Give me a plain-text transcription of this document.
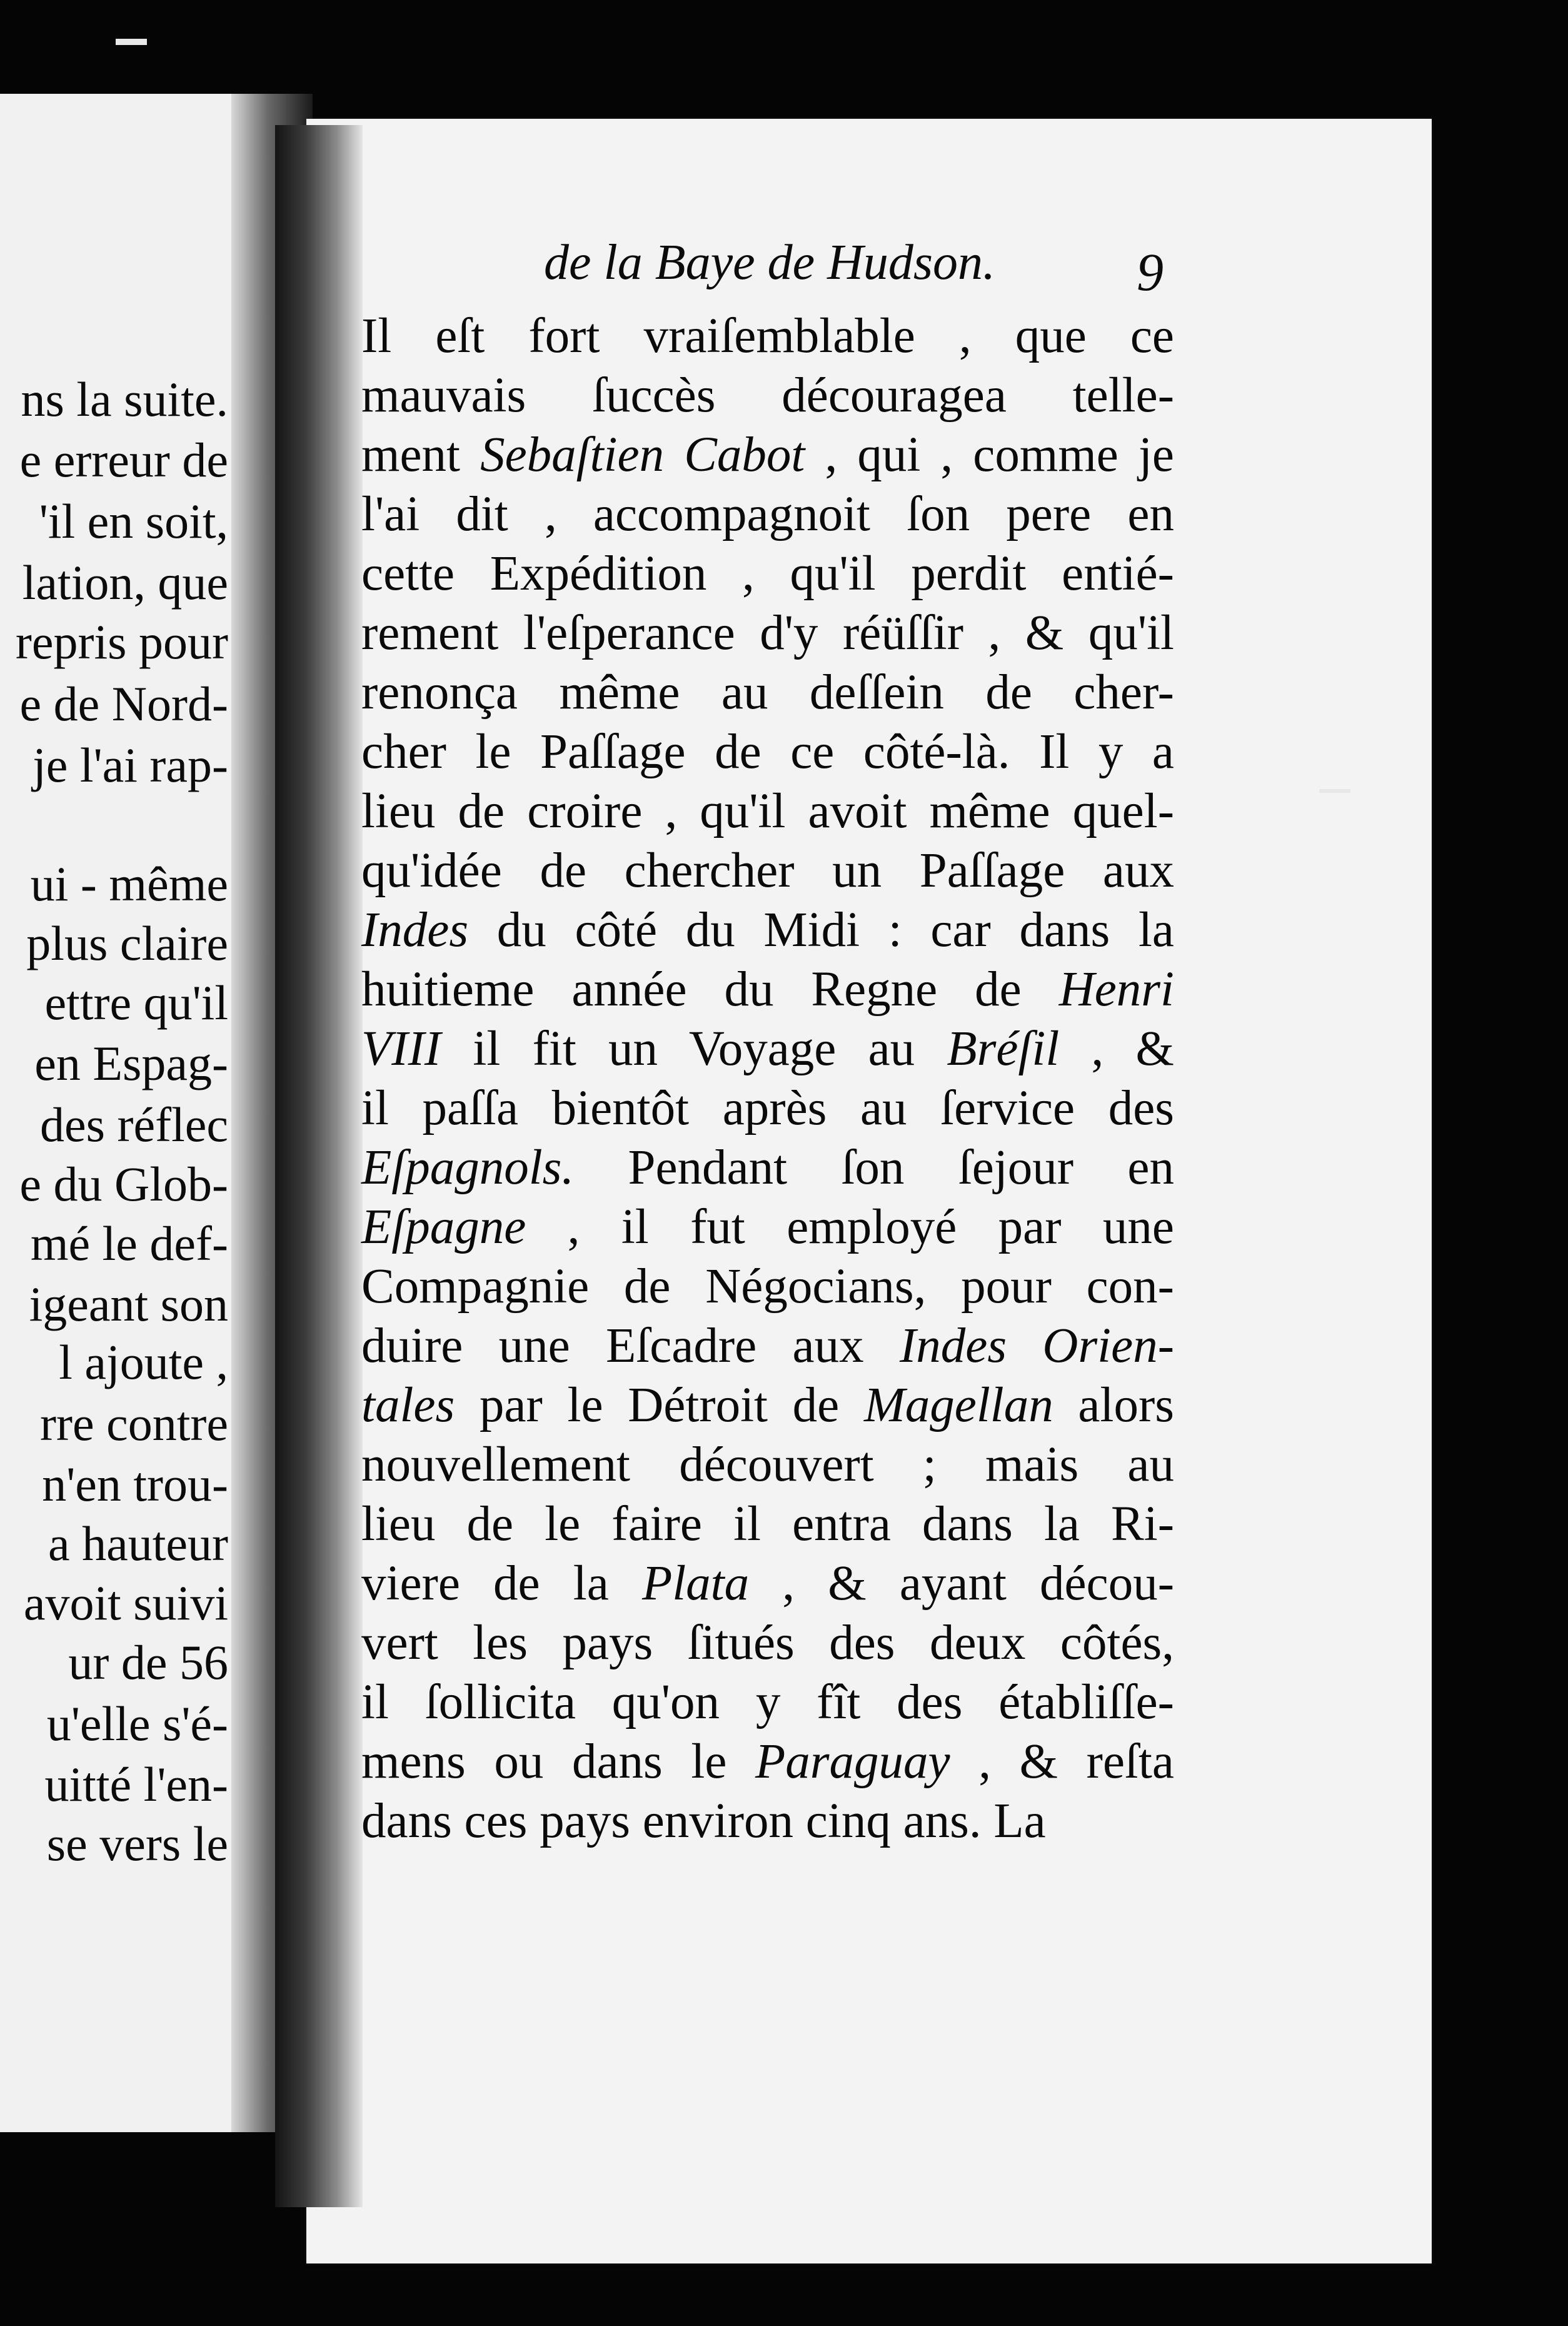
ns la suite.
e erreur de
'il en soit,
lation, que
repris pour
e de Nord-
je l'ai rap-
ui - même
plus claire
ettre qu'il
en Espag-
des réflec
e du Glob-
mé le def-
igeant son
l ajoute ,
rre contre
n'en trou-
a hauteur
avoit suivi
ur de 56
u'elle s'é-
uitté l'en-
se vers le
de la Baye de Hudson.	9
Il eſt fort vraiſemblable , que ce
mauvais ſuccès découragea telle-
ment Sebaſtien Cabot , qui , comme je
l'ai dit , accompagnoit ſon pere en
cette Expédition , qu'il perdit entié-
rement l'eſperance d'y réüſſir , & qu'il
renonça même au deſſein de cher-
cher le Paſſage de ce côté-là. Il y a
lieu de croire , qu'il avoit même quel-
qu'idée de chercher un Paſſage aux
Indes du côté du Midi : car dans la
huitieme année du Regne de Henri
VIII il fit un Voyage au Bréſil , &
il paſſa bientôt après au ſervice des
Eſpagnols. Pendant ſon ſejour en
Eſpagne , il fut employé par une
Compagnie de Négocians, pour con-
duire une Eſcadre aux Indes Orien-
tales par le Détroit de Magellan alors
nouvellement découvert ; mais au
lieu de le faire il entra dans la Ri-
viere de la Plata , & ayant décou-
vert les pays ſitués des deux côtés,
il ſollicita qu'on y fît des établiſſe-
mens ou dans le Paraguay , & reſta
dans ces pays environ cinq ans. La
